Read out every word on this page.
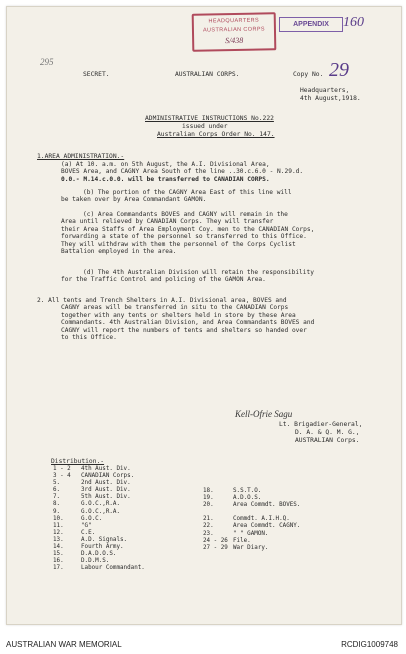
HEADQUARTERS
AUSTRALIAN CORPS
S/438
APPENDIX	160
295
SECRET.	AUSTRALIAN CORPS.	Copy No. 29
Headquarters,
4th August,1918.
ADMINISTRATIVE INSTRUCTIONS No.222
issued under
Australian Corps Order No. 147.
1.AREA ADMINISTRATION.-
(a) At 10. a.m. on 5th August, the A.I. Divisional Area,
BOVES Area, and CAGNY Area South of the line ..30.c.6.0 - N.29.d.
0.0.- M.14.c.0.0. will be transferred to CANADIAN CORPS.
(b) The portion of the CAGNY Area East of this line will
be taken over by Area Commandant GAMON.
(c) Area Commandants BOVES and CAGNY will remain in the
Area until relieved by CANADIAN Corps. They will transfer
their Area Staffs of Area Employment Coy. men to the CANADIAN Corps,
forwarding a state of the personnel so transferred to this Office.
They will withdraw with them the personnel of the Corps Cyclist
Battalion employed in the area.
(d) The 4th Australian Division will retain the responsibility
for the Traffic Control and policing of the GAMON Area.
2. All tents and Trench Shelters in A.I. Divisional area, BOVES and
CAGNY areas will be transferred in situ to the CANADIAN Corps
together with any tents or shelters held in store by these Area
Commandants. 4th Australian Division, and Area Commandants BOVES and
CAGNY will report the numbers of tents and shelters so handed over
to this Office.
Kell-Ofrie Sagu
Lt. Brigadier-General,
D. A. & Q. M. G.,
AUSTRALIAN Corps.
Distribution.-
1 - 2	4th Aust. Div.
3 - 4	CANADIAN Corps.
5.	2nd Aust. Div.
6.	3rd Aust. Div.
7.	5th Aust. Div.
8.	G.O.C.,R.A.
9.	G.O.C.,R.A.
10.	G.O.C.
11.	"G"
12.	C.E.
13.	A.D. Signals.
14.	Fourth Army.
15.	D.A.D.O.S.
16.	D.D.M.S.
17.	Labour Commandant.
18.	S.S.T.O.
19.	A.D.O.S.
20.	Area Commdt. BOVES.
21.	Commdt. A.I.H.Q.
22.	Area Commdt. CAGNY.
23.	" " GAMON.
24 - 26 File.
27 - 29 War Diary.
AUSTRALIAN WAR MEMORIAL	RCDIG1009748
